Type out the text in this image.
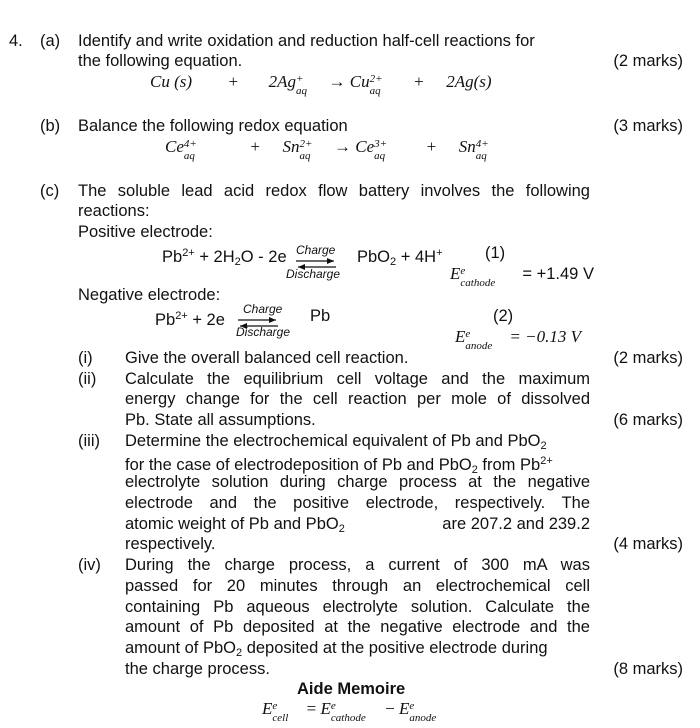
4. (a) Identify and write oxidation and reduction half-cell reactions for
the following equation.	(2 marks)
Cu (s) + 2Ag +
aq → Cu 2+
aq + 2Ag(s)
(b) Balance the following redox equation	(3 marks)
Ce 4+
aq	+ Sn 2+
aq → Ce 3+
aq + Sn 4+
aq
(c) The soluble lead acid redox flow battery involves the following
reactions:
Positive electrode:
$Pb^{2+} + 2H_2O - 2e$ Charge
Discharge
PbO$_2$ + 4H+	(1)
E e
cathode = +1.49 V
Negative electrode:
$Pb^{2+} + 2e$
Charge
Discharge
Pb	(2)
E e
anode = −0.13 V
(i) Give the overall balanced cell reaction.	(2 marks)
(ii) Calculate the equilibrium cell voltage and the maximum
energy change for the cell reaction per mole of dissolved
Pb. State all assumptions.	(6 marks)
(iii) Determine the electrochemical equivalent of Pb and PbO$_2$
for the case of electrodeposition of Pb and PbO$_2$ from $Pb^{2+}$
electrolyte solution during charge process at the negative
electrode and the positive electrode, respectively. The
atomic weight of Pb and PbO$_2$	are 207.2 and 239.2
respectively.	(4 marks)
(iv) During the charge process, a current of 300 mA was
passed for 20 minutes through an electrochemical cell
containing Pb aqueous electrolyte solution. Calculate the
amount of Pb deposited at the negative electrode and the
amount of PbO$_2$ deposited at the positive electrode during
the charge process.	(8 marks)
Aide Memoire
E e
cell = E e
cathode − E e
anode
